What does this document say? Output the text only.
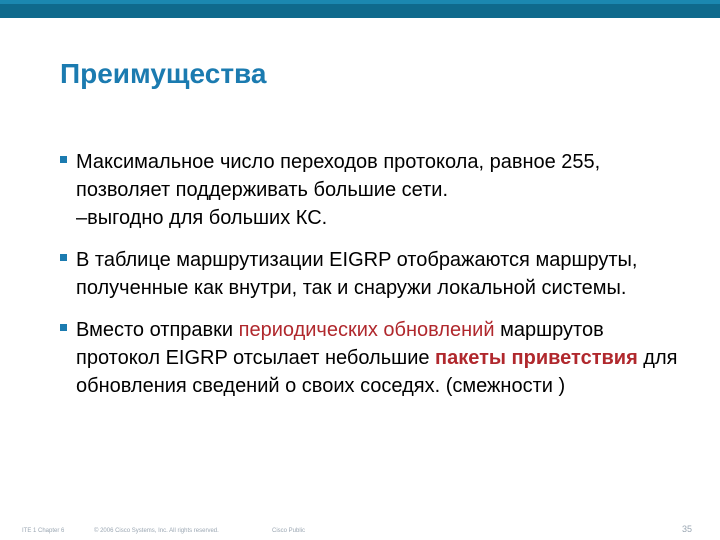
Преимущества
Максимальное число переходов протокола, равное 255, позволяет поддерживать большие сети.
–выгодно для больших КС.
В таблице маршрутизации EIGRP отображаются маршруты, полученные как внутри, так и снаружи локальной системы.
Вместо отправки периодических обновлений маршрутов протокол EIGRP отсылает небольшие пакеты приветствия для обновления сведений о своих соседях. (смежности )
ITE 1 Chapter 6	© 2006 Cisco Systems, Inc. All rights reserved.	Cisco Public	35
